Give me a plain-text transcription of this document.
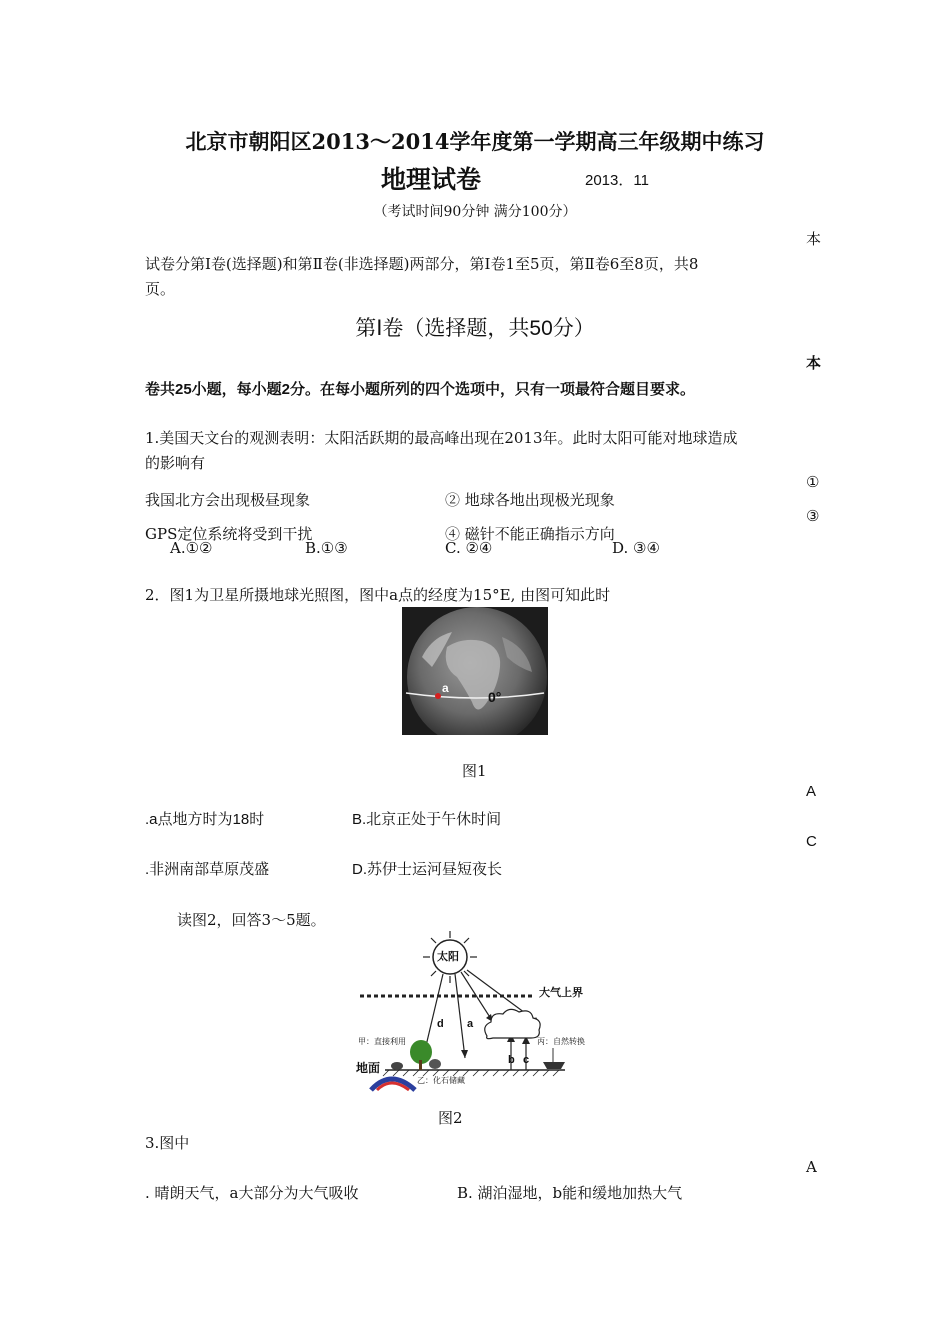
北京市朝阳区2013～2014学年度第一学期高三年级期中练习
地理试卷	2013．11
（考试时间90分钟 满分100分）
本
试卷分第Ⅰ卷(选择题)和第Ⅱ卷(非选择题)两部分，第Ⅰ卷1至5页，第Ⅱ卷6至8页，共8
页。
第Ⅰ卷（选择题，共50分）
本
卷共25小题，每小题2分。在每小题所列的四个选项中，只有一项最符合题目要求。
1.美国天文台的观测表明：太阳活跃期的最高峰出现在2013年。此时太阳可能对地球造成
的影响有
①
我国北方会出现极昼现象	② 地球各地出现极光现象
③
GPS定位系统将受到干扰	④ 磁针不能正确指示方向
A.①②	B.①③	C. ②④	D. ③④
2．图1为卫星所摄地球光照图，图中a点的经度为15°E, 由图可知此时
a
0°
图1
A
.a点地方时为18时	B.北京正处于午休时间
C
.非洲南部草原茂盛	D.苏伊士运河昼短夜长
读图2，回答3～5题。
太阳
大气上界
d a
b c
甲：直接利用	丙：自然转换
地面
乙：化石储藏
图2
3.图中
A
. 晴朗天气，a大部分为大气吸收	B. 湖泊湿地，b能和缓地加热大气
